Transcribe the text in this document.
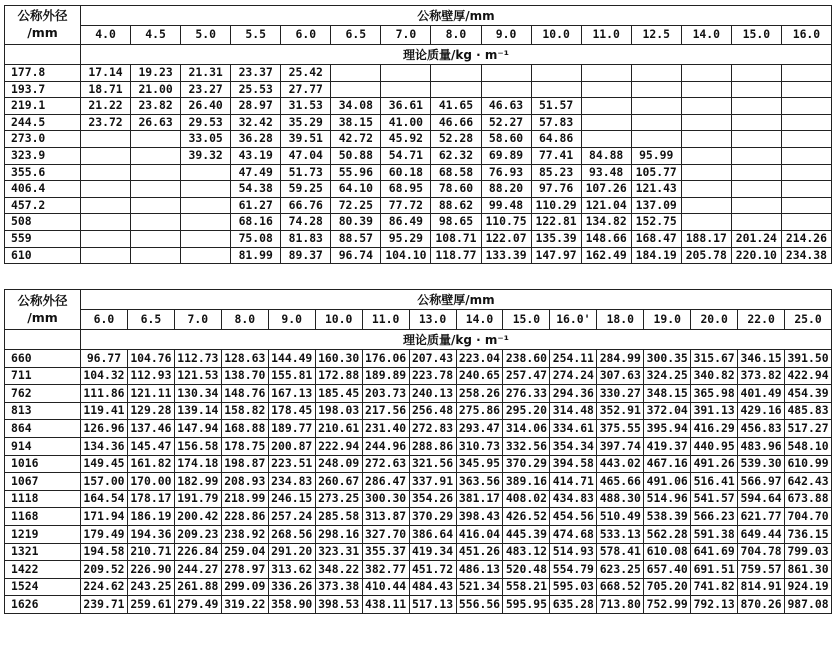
公称外径
/mm	公称壁厚/mm														
	4.0	4.5	5.0	5.5	6.0	6.5	7.0	8.0	9.0	10.0	11.0	12.5	14.0	15.0	16.0
	理论质量/kg · m⁻¹														
177.8	17.14	19.23	21.31	23.37	25.42										
193.7	18.71	21.00	23.27	25.53	27.77										
219.1	21.22	23.82	26.40	28.97	31.53	34.08	36.61	41.65	46.63	51.57					
244.5	23.72	26.63	29.53	32.42	35.29	38.15	41.00	46.66	52.27	57.83					
273.0			33.05	36.28	39.51	42.72	45.92	52.28	58.60	64.86					
323.9			39.32	43.19	47.04	50.88	54.71	62.32	69.89	77.41	84.88	95.99			
355.6				47.49	51.73	55.96	60.18	68.58	76.93	85.23	93.48	105.77			
406.4				54.38	59.25	64.10	68.95	78.60	88.20	97.76	107.26	121.43			
457.2				61.27	66.76	72.25	77.72	88.62	99.48	110.29	121.04	137.09			
508				68.16	74.28	80.39	86.49	98.65	110.75	122.81	134.82	152.75			
559				75.08	81.83	88.57	95.29	108.71	122.07	135.39	148.66	168.47	188.17	201.24	214.26
610				81.99	89.37	96.74	104.10	118.77	133.39	147.97	162.49	184.19	205.78	220.10	234.38
公称外径
/mm	公称壁厚/mm															
	6.0	6.5	7.0	8.0	9.0	10.0	11.0	13.0	14.0	15.0	16.0'	18.0	19.0	20.0	22.0	25.0
	理论质量/kg · m⁻¹															
660	96.77	104.76	112.73	128.63	144.49	160.30	176.06	207.43	223.04	238.60	254.11	284.99	300.35	315.67	346.15	391.50
711	104.32	112.93	121.53	138.70	155.81	172.88	189.89	223.78	240.65	257.47	274.24	307.63	324.25	340.82	373.82	422.94
762	111.86	121.11	130.34	148.76	167.13	185.45	203.73	240.13	258.26	276.33	294.36	330.27	348.15	365.98	401.49	454.39
813	119.41	129.28	139.14	158.82	178.45	198.03	217.56	256.48	275.86	295.20	314.48	352.91	372.04	391.13	429.16	485.83
864	126.96	137.46	147.94	168.88	189.77	210.61	231.40	272.83	293.47	314.06	334.61	375.55	395.94	416.29	456.83	517.27
914	134.36	145.47	156.58	178.75	200.87	222.94	244.96	288.86	310.73	332.56	354.34	397.74	419.37	440.95	483.96	548.10
1016	149.45	161.82	174.18	198.87	223.51	248.09	272.63	321.56	345.95	370.29	394.58	443.02	467.16	491.26	539.30	610.99
1067	157.00	170.00	182.99	208.93	234.83	260.67	286.47	337.91	363.56	389.16	414.71	465.66	491.06	516.41	566.97	642.43
1118	164.54	178.17	191.79	218.99	246.15	273.25	300.30	354.26	381.17	408.02	434.83	488.30	514.96	541.57	594.64	673.88
1168	171.94	186.19	200.42	228.86	257.24	285.58	313.87	370.29	398.43	426.52	454.56	510.49	538.39	566.23	621.77	704.70
1219	179.49	194.36	209.23	238.92	268.56	298.16	327.70	386.64	416.04	445.39	474.68	533.13	562.28	591.38	649.44	736.15
1321	194.58	210.71	226.84	259.04	291.20	323.31	355.37	419.34	451.26	483.12	514.93	578.41	610.08	641.69	704.78	799.03
1422	209.52	226.90	244.27	278.97	313.62	348.22	382.77	451.72	486.13	520.48	554.79	623.25	657.40	691.51	759.57	861.30
1524	224.62	243.25	261.88	299.09	336.26	373.38	410.44	484.43	521.34	558.21	595.03	668.52	705.20	741.82	814.91	924.19
1626	239.71	259.61	279.49	319.22	358.90	398.53	438.11	517.13	556.56	595.95	635.28	713.80	752.99	792.13	870.26	987.08
